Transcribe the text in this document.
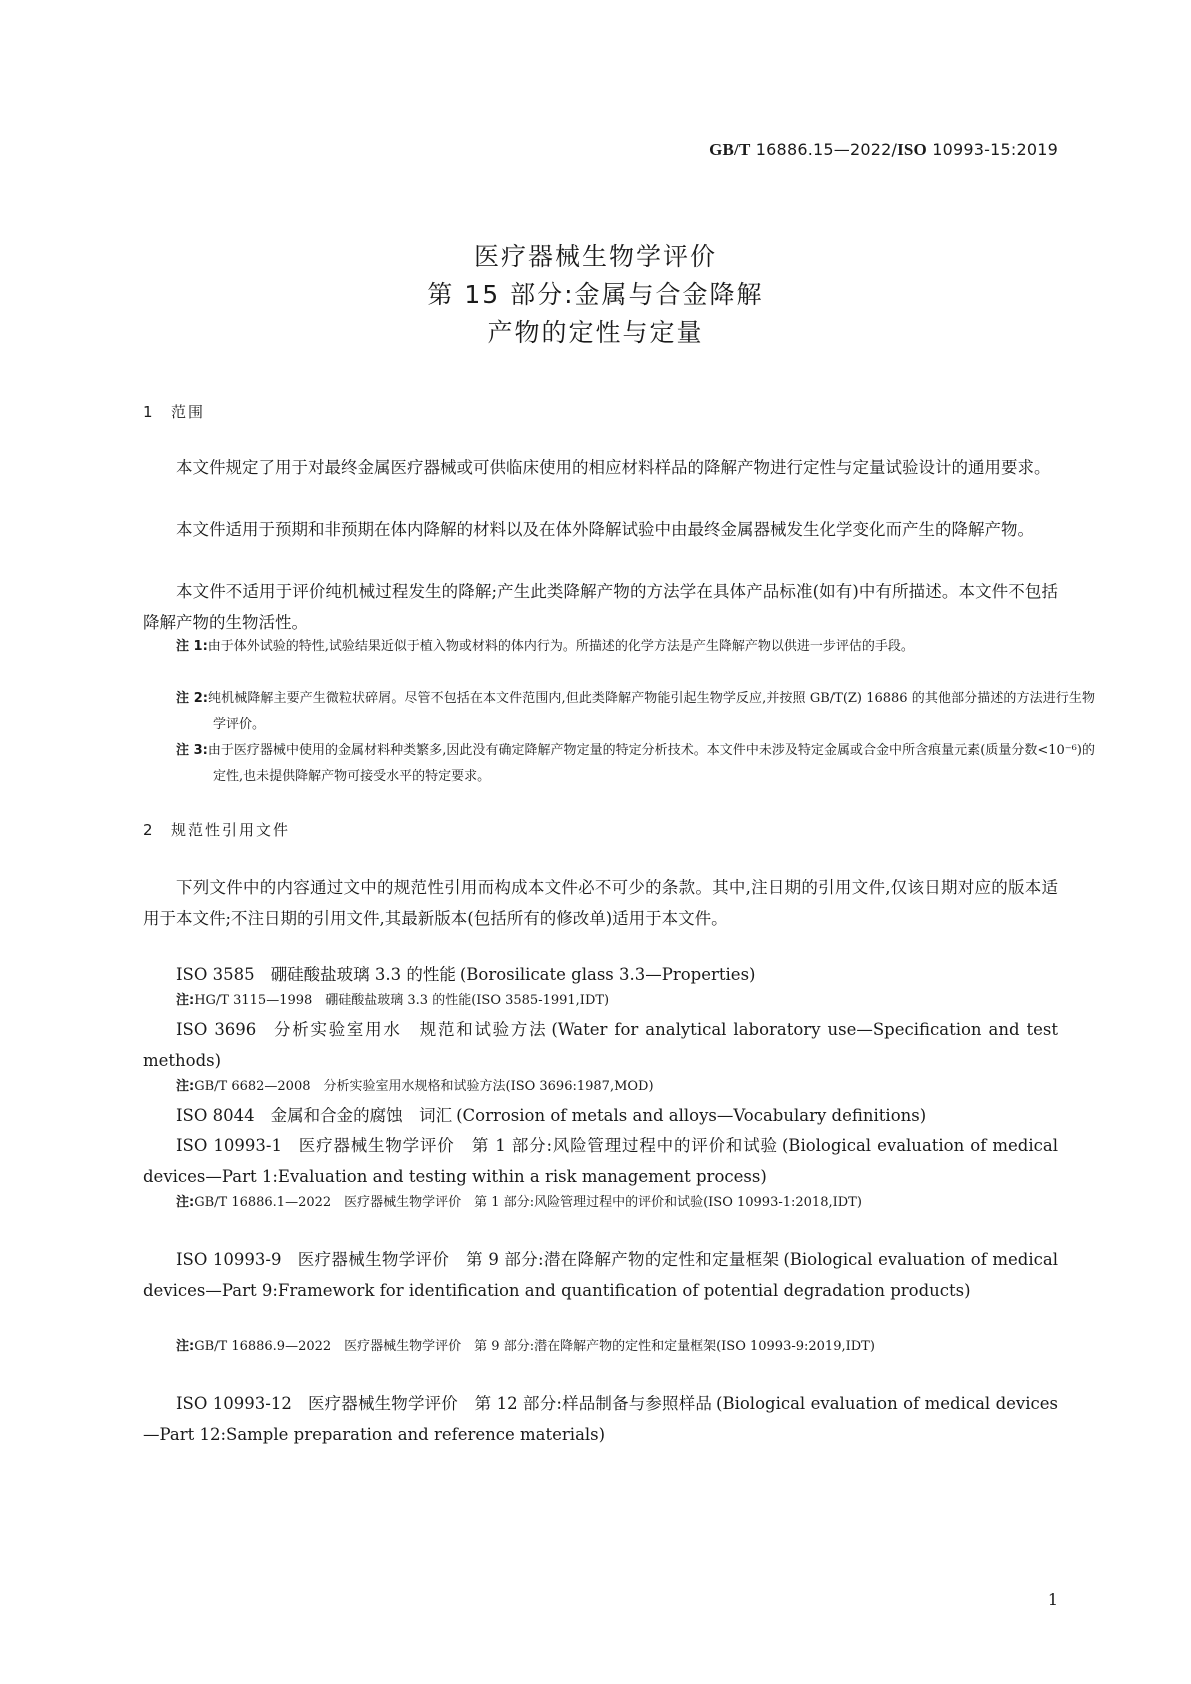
GB/T 16886.15—2022/ISO 10993-15:2019
医疗器械生物学评价
第 15 部分:金属与合金降解
产物的定性与定量
1 范围
本文件规定了用于对最终金属医疗器械或可供临床使用的相应材料样品的降解产物进行定性与定量试验设计的通用要求。
本文件适用于预期和非预期在体内降解的材料以及在体外降解试验中由最终金属器械发生化学变化而产生的降解产物。
本文件不适用于评价纯机械过程发生的降解;产生此类降解产物的方法学在具体产品标准(如有)中有所描述。本文件不包括降解产物的生物活性。
注 1:由于体外试验的特性,试验结果近似于植入物或材料的体内行为。所描述的化学方法是产生降解产物以供进一步评估的手段。
注 2:纯机械降解主要产生微粒状碎屑。尽管不包括在本文件范围内,但此类降解产物能引起生物学反应,并按照 GB/T(Z) 16886 的其他部分描述的方法进行生物学评价。
注 3:由于医疗器械中使用的金属材料种类繁多,因此没有确定降解产物定量的特定分析技术。本文件中未涉及特定金属或合金中所含痕量元素(质量分数<10⁻⁶)的定性,也未提供降解产物可接受水平的特定要求。
2 规范性引用文件
下列文件中的内容通过文中的规范性引用而构成本文件必不可少的条款。其中,注日期的引用文件,仅该日期对应的版本适用于本文件;不注日期的引用文件,其最新版本(包括所有的修改单)适用于本文件。
ISO 3585 硼硅酸盐玻璃 3.3 的性能 (Borosilicate glass 3.3—Properties)
注:HG/T 3115—1998　硼硅酸盐玻璃 3.3 的性能(ISO 3585-1991,IDT)
ISO 3696 分析实验室用水　规范和试验方法 (Water for analytical laboratory use—Specification and test methods)
注:GB/T 6682—2008　分析实验室用水规格和试验方法(ISO 3696:1987,MOD)
ISO 8044 金属和合金的腐蚀　词汇 (Corrosion of metals and alloys—Vocabulary definitions)
ISO 10993-1 医疗器械生物学评价　第 1 部分:风险管理过程中的评价和试验 (Biological evaluation of medical devices—Part 1:Evaluation and testing within a risk management process)
注:GB/T 16886.1—2022　医疗器械生物学评价　第 1 部分:风险管理过程中的评价和试验(ISO 10993-1:2018,IDT)
ISO 10993-9 医疗器械生物学评价　第 9 部分:潜在降解产物的定性和定量框架 (Biological evaluation of medical devices—Part 9:Framework for identification and quantification of potential degradation products)
注:GB/T 16886.9—2022　医疗器械生物学评价　第 9 部分:潜在降解产物的定性和定量框架(ISO 10993-9:2019,IDT)
ISO 10993-12 医疗器械生物学评价　第 12 部分:样品制备与参照样品 (Biological evaluation of medical devices—Part 12:Sample preparation and reference materials)
1
